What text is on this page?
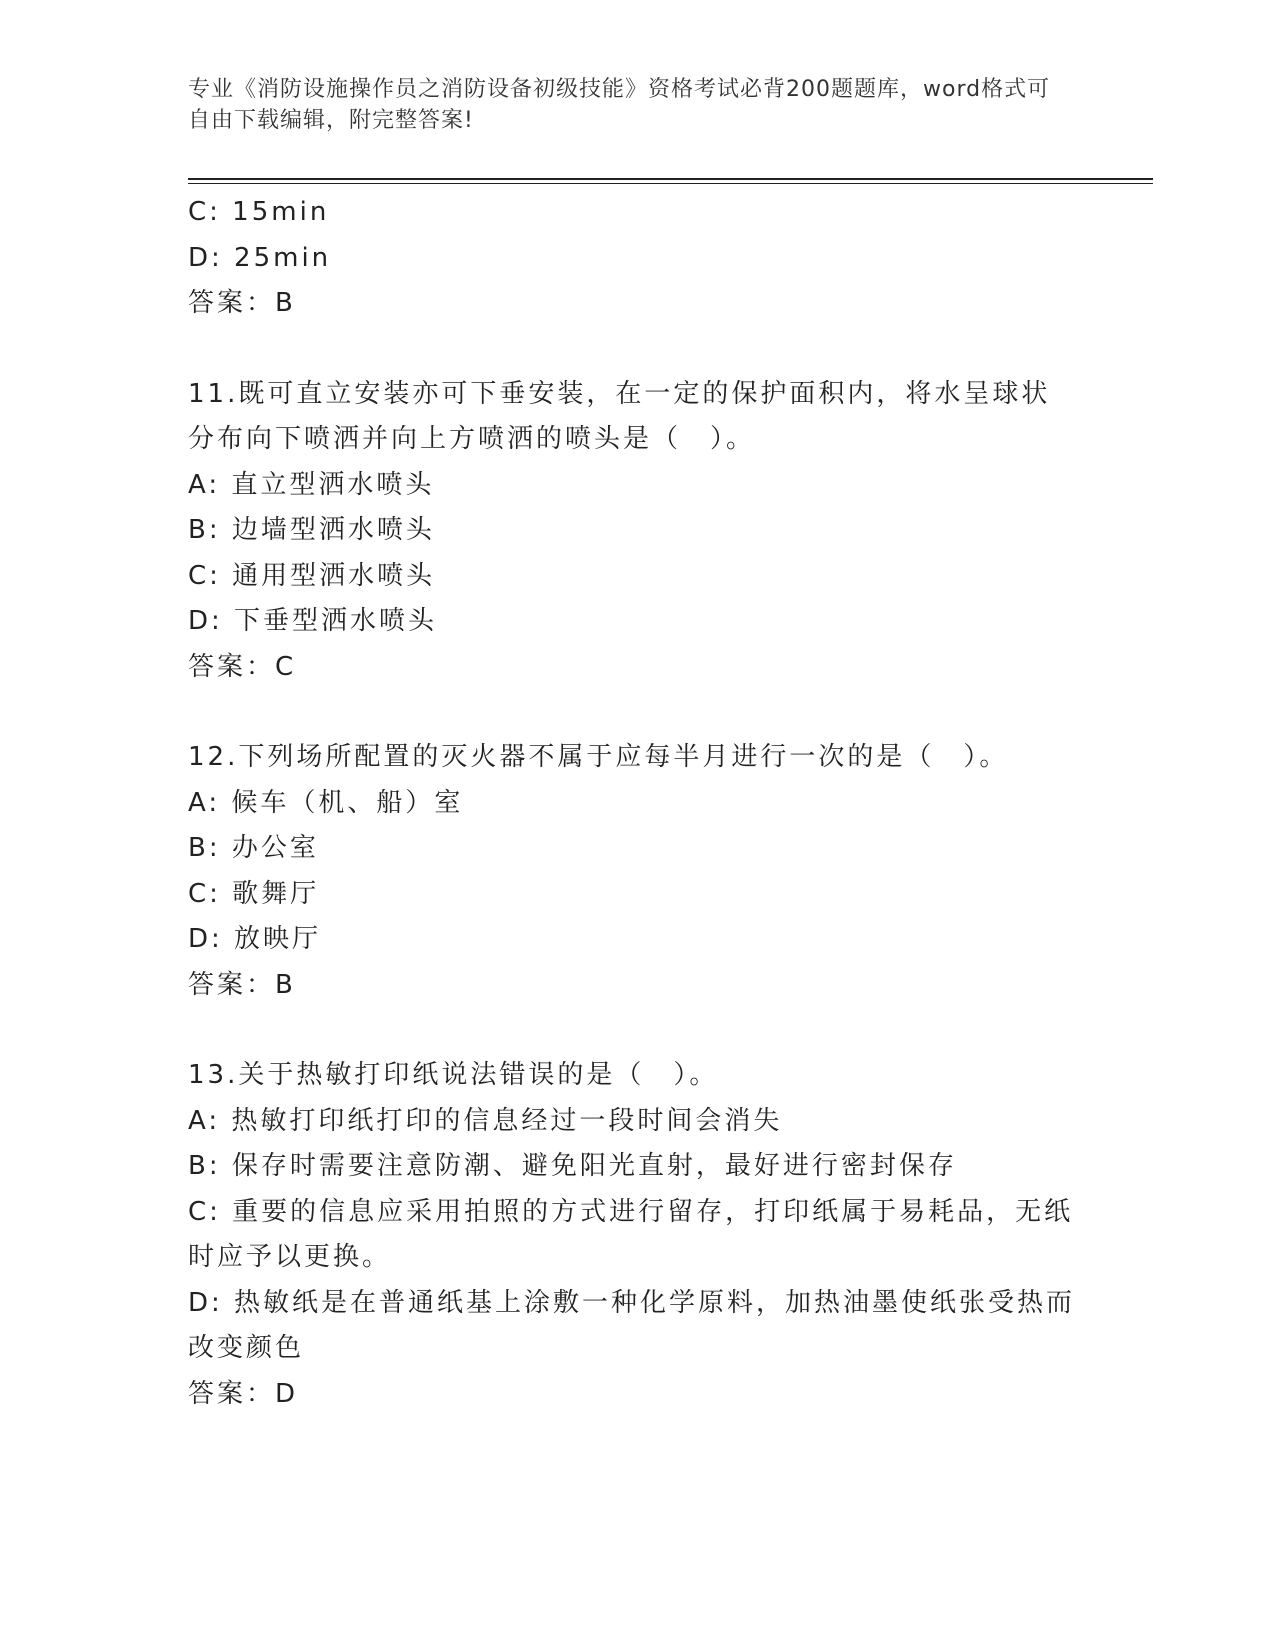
专业《消防设施操作员之消防设备初级技能》资格考试必背200题题库，word格式可自由下载编辑，附完整答案!

C: 15min

D: 25min

答案：B

11.既可直立安装亦可下垂安装，在一定的保护面积内，将水呈球状分布向下喷洒并向上方喷洒的喷头是（　）。

A: 直立型洒水喷头

B: 边墙型洒水喷头

C: 通用型洒水喷头

D: 下垂型洒水喷头

答案：C

12.下列场所配置的灭火器不属于应每半月进行一次的是（　）。

A: 候车（机、船）室

B: 办公室

C: 歌舞厅

D: 放映厅

答案：B

13.关于热敏打印纸说法错误的是（　）。

A: 热敏打印纸打印的信息经过一段时间会消失

B: 保存时需要注意防潮、避免阳光直射，最好进行密封保存

C: 重要的信息应采用拍照的方式进行留存，打印纸属于易耗品，无纸时应予以更换。

D: 热敏纸是在普通纸基上涂敷一种化学原料，加热油墨使纸张受热而改变颜色

答案：D
